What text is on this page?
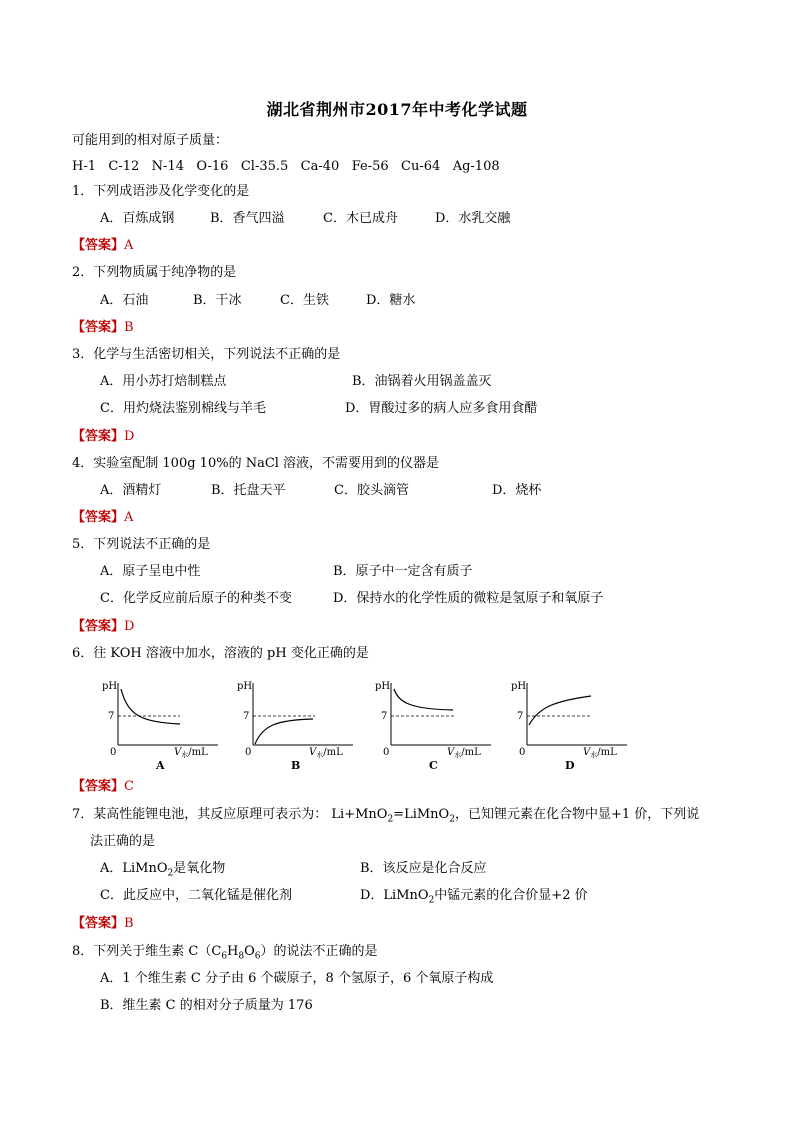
湖北省荆州市2017年中考化学试题
可能用到的相对原子质量：
H-1   C-12   N-14   O-16   Cl-35.5   Ca-40   Fe-56   Cu-64   Ag-108
1．下列成语涉及化学变化的是
A．百炼成钢	B．香气四溢	C．木已成舟	D．水乳交融
【答案】A
2．下列物质属于纯净物的是
A．石油	B．干冰	C．生铁	D．糖水
【答案】B
3．化学与生活密切相关，下列说法不正确的是
A．用小苏打焙制糕点	B．油锅着火用锅盖盖灭
C．用灼烧法鉴别棉线与羊毛	D．胃酸过多的病人应多食用食醋
【答案】D
4．实验室配制 100g 10%的 NaCl 溶液，不需要用到的仪器是
A．酒精灯	B．托盘天平	C．胶头滴管	D．烧杯
【答案】A
5．下列说法不正确的是
A．原子呈电中性	B．原子中一定含有质子
C．化学反应前后原子的种类不变	D．保持水的化学性质的微粒是氢原子和氧原子
【答案】D
6．往 KOH 溶液中加水，溶液的 pH 变化正确的是
pH
7
0	$V_水/mL$
A
pH
7
0	$V_水/mL$
B
pH
7
0	$V_水/mL$
C
pH
7
0	$V_水/mL$
D
【答案】C
7．某高性能锂电池，其反应原理可表示为： Li+MnO$_2$=LiMnO$_2$，已知锂元素在化合物中显+1 价，下列说
法正确的是
A．LiMnO$_2$是氧化物	B．该反应是化合反应
C．此反应中，二氧化锰是催化剂	D．LiMnO$_2$中锰元素的化合价显+2 价
【答案】B
8．下列关于维生素 $C(C_6H_8O_6)$的说法不正确的是
A．1 个维生素 C 分子由 6 个碳原子，8 个氢原子，6 个氧原子构成
B．维生素 C 的相对分子质量为 176
